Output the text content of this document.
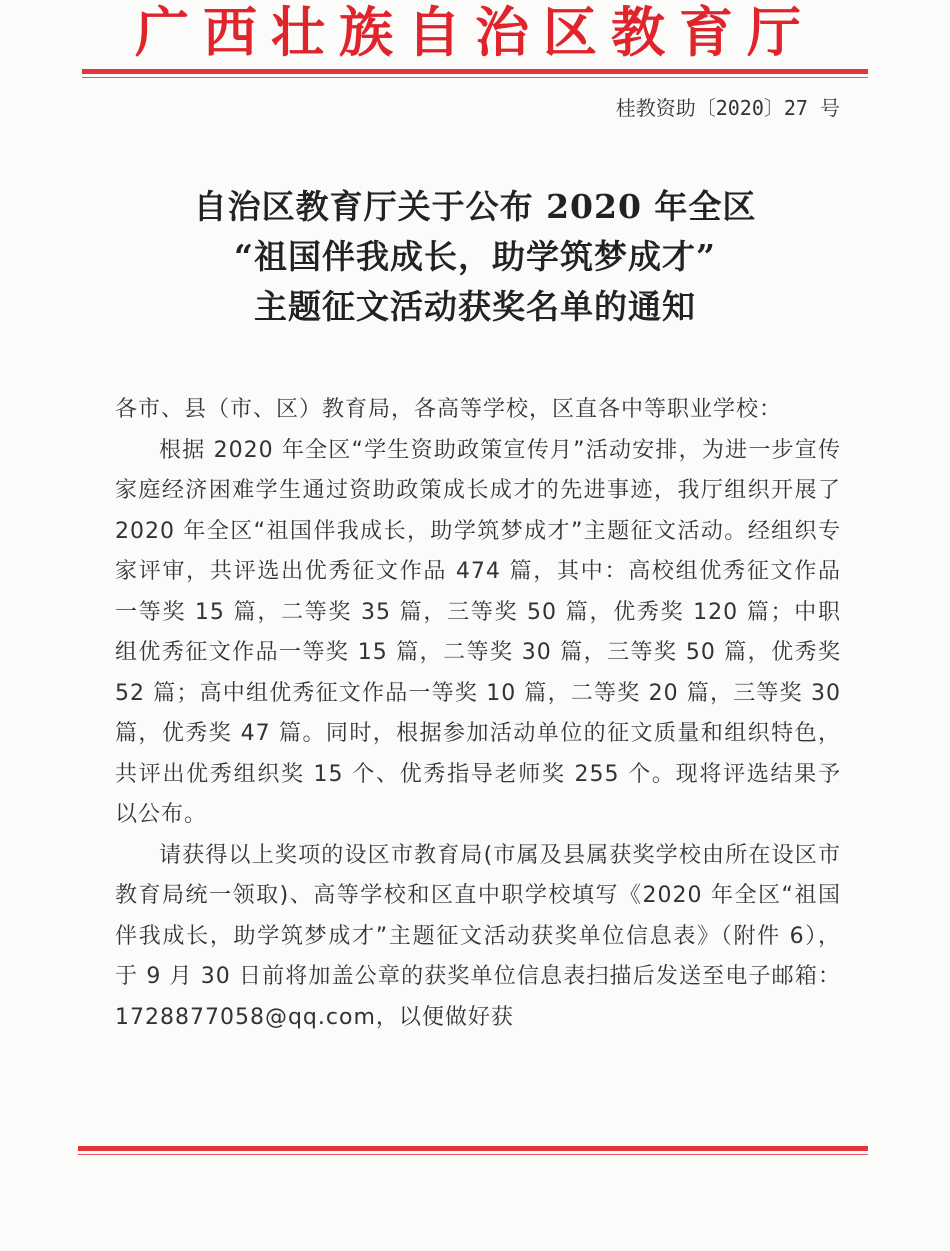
广西壮族自治区教育厅
桂教资助〔2020〕27 号
自治区教育厅关于公布 2020 年全区
“祖国伴我成长，助学筑梦成才”
主题征文活动获奖名单的通知

各市、县（市、区）教育局，各高等学校，区直各中等职业学校：

根据 2020 年全区“学生资助政策宣传月”活动安排，为进一步宣传家庭经济困难学生通过资助政策成长成才的先进事迹，我厅组织开展了 2020 年全区“祖国伴我成长，助学筑梦成才”主题征文活动。经组织专家评审，共评选出优秀征文作品 474 篇，其中：高校组优秀征文作品一等奖 15 篇，二等奖 35 篇，三等奖 50 篇，优秀奖 120 篇；中职组优秀征文作品一等奖 15 篇，二等奖 30 篇，三等奖 50 篇，优秀奖 52 篇；高中组优秀征文作品一等奖 10 篇，二等奖 20 篇，三等奖 30 篇，优秀奖 47 篇。同时，根据参加活动单位的征文质量和组织特色，共评出优秀组织奖 15 个、优秀指导老师奖 255 个。现将评选结果予以公布。

请获得以上奖项的设区市教育局(市属及县属获奖学校由所在设区市教育局统一领取)、高等学校和区直中职学校填写《2020 年全区“祖国伴我成长，助学筑梦成才”主题征文活动获奖单位信息表》（附件 6），于 9 月 30 日前将加盖公章的获奖单位信息表扫描后发送至电子邮箱：1728877058@qq.com，以便做好获
